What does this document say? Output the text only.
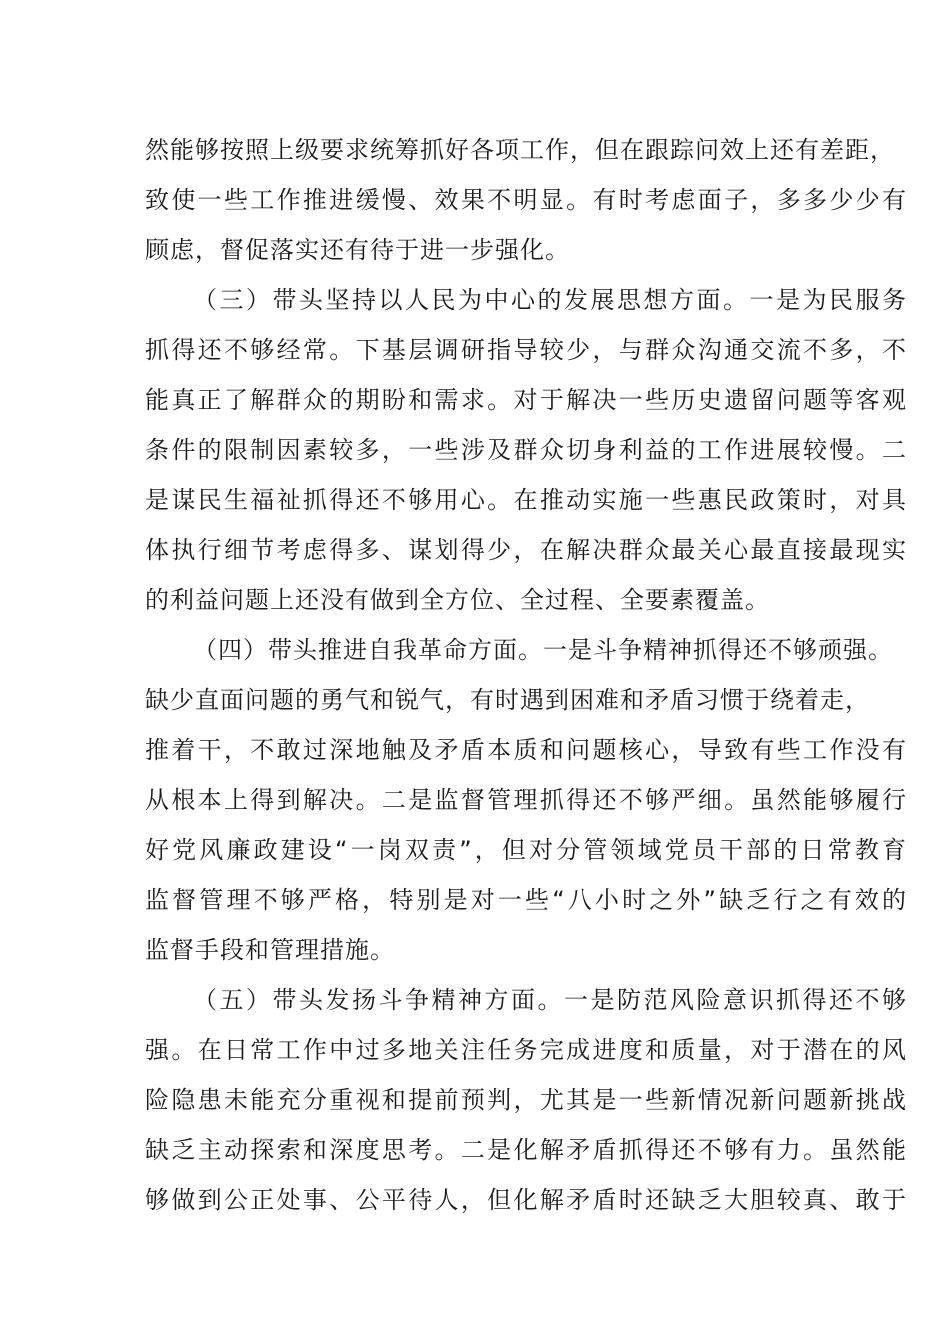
然能够按照上级要求统筹抓好各项工作，但在跟踪问效上还有差距，
致使一些工作推进缓慢、效果不明显。有时考虑面子，多多少少有
顾虑，督促落实还有待于进一步强化。
（三）带头坚持以人民为中心的发展思想方面。一是为民服务
抓得还不够经常。下基层调研指导较少，与群众沟通交流不多，不
能真正了解群众的期盼和需求。对于解决一些历史遗留问题等客观
条件的限制因素较多，一些涉及群众切身利益的工作进展较慢。二
是谋民生福祉抓得还不够用心。在推动实施一些惠民政策时，对具
体执行细节考虑得多、谋划得少，在解决群众最关心最直接最现实
的利益问题上还没有做到全方位、全过程、全要素覆盖。
（四）带头推进自我革命方面。一是斗争精神抓得还不够顽强。
缺少直面问题的勇气和锐气，有时遇到困难和矛盾习惯于绕着走，
推着干，不敢过深地触及矛盾本质和问题核心，导致有些工作没有
从根本上得到解决。二是监督管理抓得还不够严细。虽然能够履行
好党风廉政建设“一岗双责”，但对分管领域党员干部的日常教育
监督管理不够严格，特别是对一些“八小时之外”缺乏行之有效的
监督手段和管理措施。
（五）带头发扬斗争精神方面。一是防范风险意识抓得还不够
强。在日常工作中过多地关注任务完成进度和质量，对于潜在的风
险隐患未能充分重视和提前预判，尤其是一些新情况新问题新挑战
缺乏主动探索和深度思考。二是化解矛盾抓得还不够有力。虽然能
够做到公正处事、公平待人，但化解矛盾时还缺乏大胆较真、敢于
